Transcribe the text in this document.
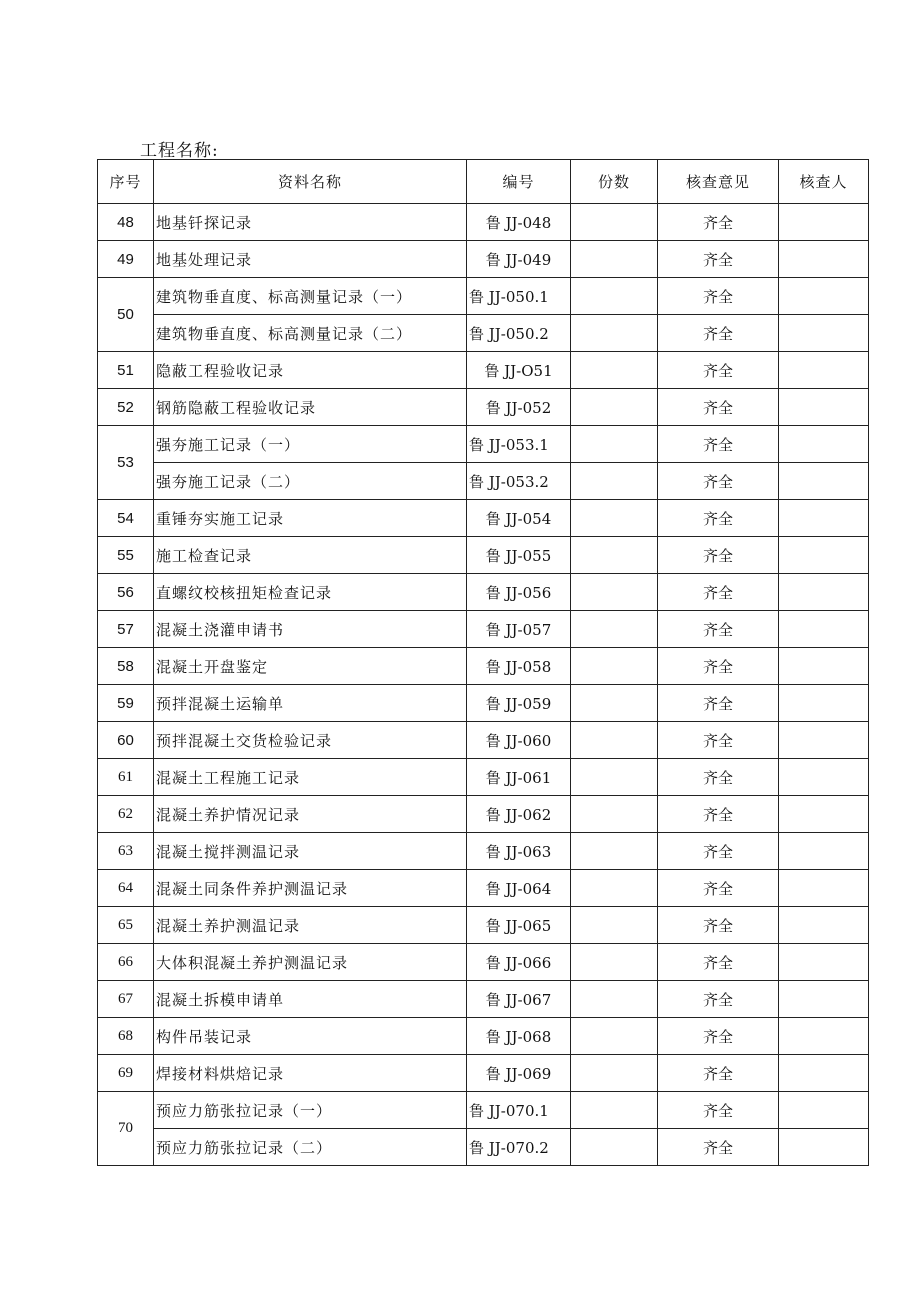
工程名称:
序号	资料名称	编号	份数	核查意见	核查人
48	地基钎探记录	鲁 JJ-048		齐全	
49	地基处理记录	鲁 JJ-049		齐全	
50	建筑物垂直度、标高测量记录（一）	鲁 JJ-050.1		齐全	
	建筑物垂直度、标高测量记录（二）	鲁 JJ-050.2		齐全	
51	隐蔽工程验收记录	鲁 JJ-O51		齐全	
52	钢筋隐蔽工程验收记录	鲁 JJ-052		齐全	
53	强夯施工记录（一）	鲁 JJ-053.1		齐全	
	强夯施工记录（二）	鲁 JJ-053.2		齐全	
54	重锤夯实施工记录	鲁 JJ-054		齐全	
55	施工检查记录	鲁 JJ-055		齐全	
56	直螺纹校核扭矩检查记录	鲁 JJ-056		齐全	
57	混凝土浇灌申请书	鲁 JJ-057		齐全	
58	混凝土开盘鉴定	鲁 JJ-058		齐全	
59	预拌混凝土运输单	鲁 JJ-059		齐全	
60	预拌混凝土交货检验记录	鲁 JJ-060		齐全	
61	混凝土工程施工记录	鲁 JJ-061		齐全	
62	混凝土养护情况记录	鲁 JJ-062		齐全	
63	混凝土搅拌测温记录	鲁 JJ-063		齐全	
64	混凝土同条件养护测温记录	鲁 JJ-064		齐全	
65	混凝土养护测温记录	鲁 JJ-065		齐全	
66	大体积混凝土养护测温记录	鲁 JJ-066		齐全	
67	混凝土拆模申请单	鲁 JJ-067		齐全	
68	构件吊装记录	鲁 JJ-068		齐全	
69	焊接材料烘焙记录	鲁 JJ-069		齐全	
70	预应力筋张拉记录（一）	鲁 JJ-070.1		齐全	
	预应力筋张拉记录（二）	鲁 JJ-070.2		齐全	
